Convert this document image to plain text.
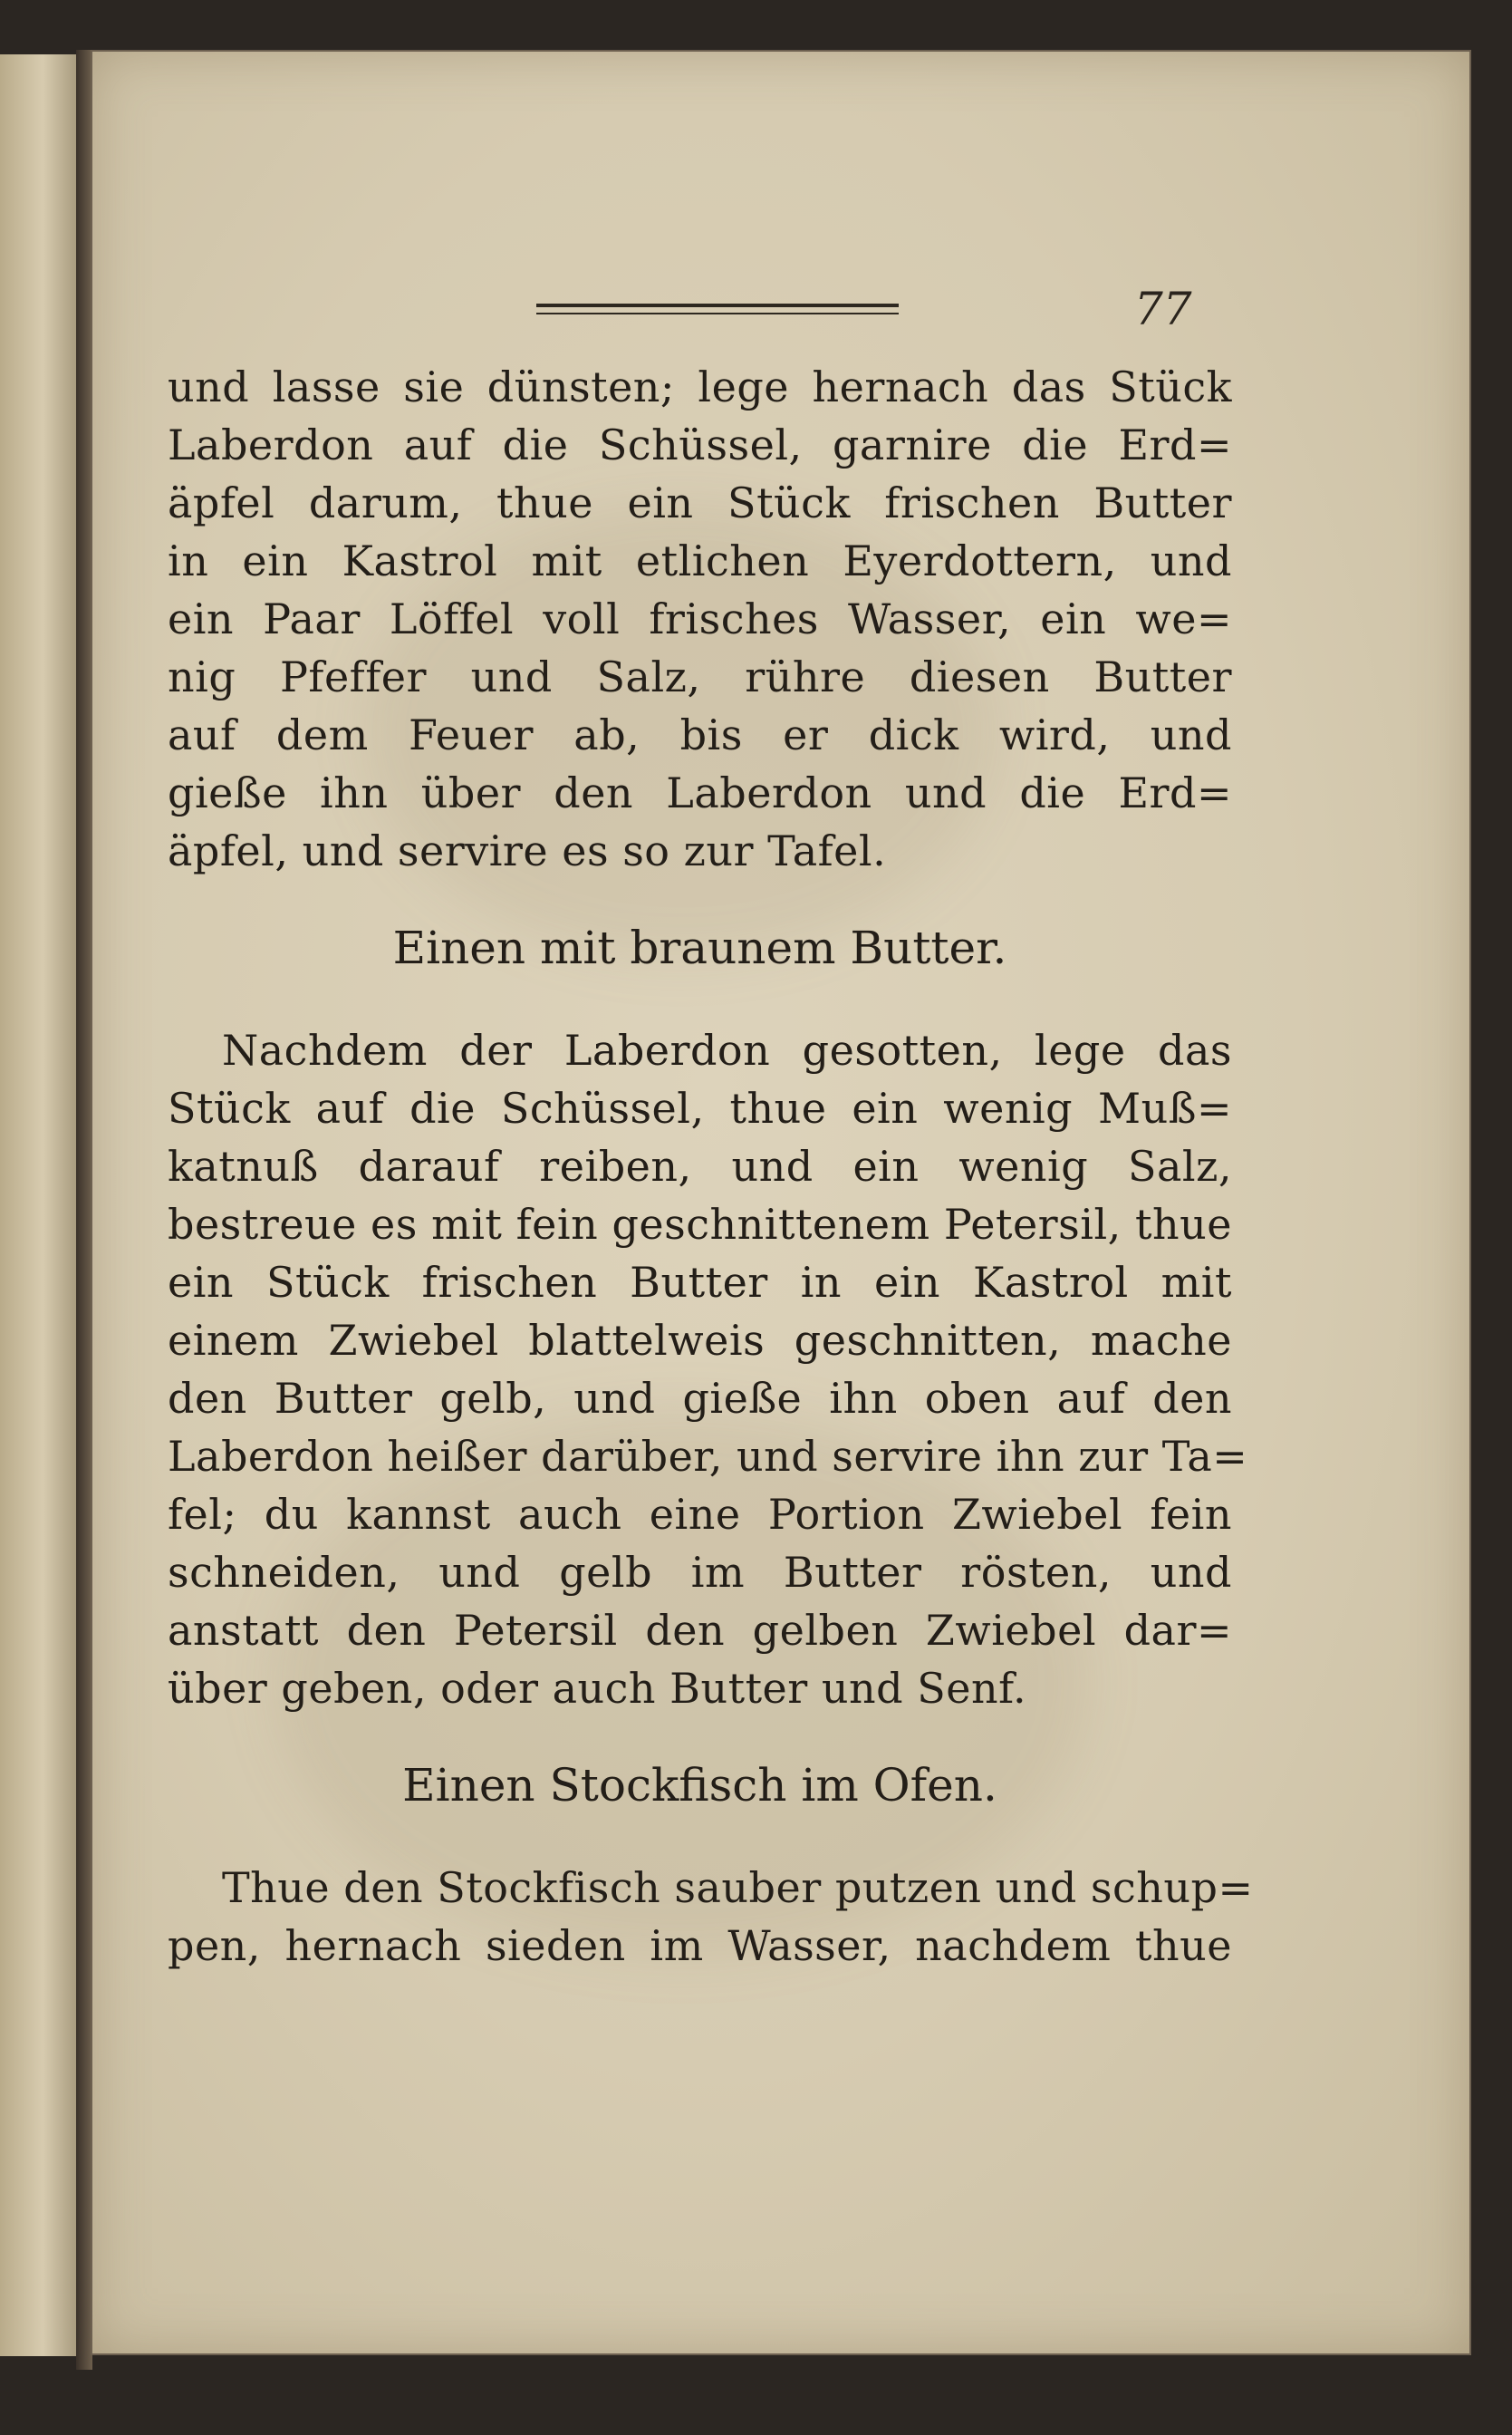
77
und lasse sie dünsten; lege hernach das Stück
Laberdon auf die Schüssel, garnire die Erd=
äpfel darum, thue ein Stück frischen Butter
in ein Kastrol mit etlichen Eyerdottern, und
ein Paar Löffel voll frisches Wasser, ein we=
nig Pfeffer und Salz, rühre diesen Butter
auf dem Feuer ab, bis er dick wird, und
gieße ihn über den Laberdon und die Erd=
äpfel, und servire es so zur Tafel.
Einen mit braunem Butter.
Nachdem der Laberdon gesotten, lege das
Stück auf die Schüssel, thue ein wenig Muß=
katnuß darauf reiben, und ein wenig Salz,
bestreue es mit fein geschnittenem Petersil, thue
ein Stück frischen Butter in ein Kastrol mit
einem Zwiebel blattelweis geschnitten, mache
den Butter gelb, und gieße ihn oben auf den
Laberdon heißer darüber, und servire ihn zur Ta=
fel; du kannst auch eine Portion Zwiebel fein
schneiden, und gelb im Butter rösten, und
anstatt den Petersil den gelben Zwiebel dar=
über geben, oder auch Butter und Senf.
Einen Stockfisch im Ofen.
Thue den Stockfisch sauber putzen und schup=
pen, hernach sieden im Wasser, nachdem thue
